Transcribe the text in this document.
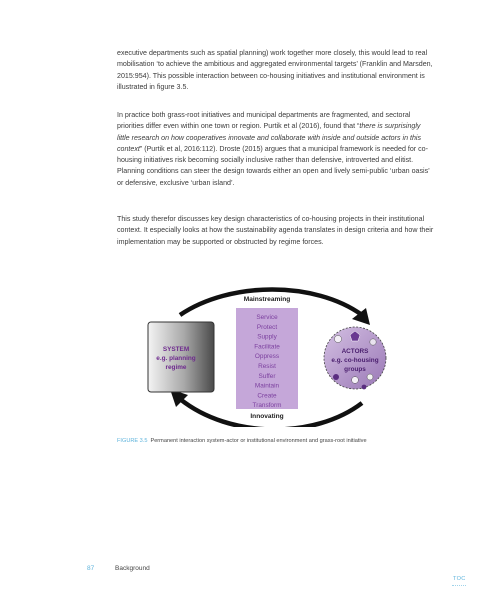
executive departments such as spatial planning) work together more closely, this would lead to real mobilisation ‘to achieve the ambitious and aggregated environmental targets’ (Franklin and Marsden, 2015:954). This possible interaction between co-housing initiatives and institutional environment is illustrated in figure 3.5.

In practice both grass-root initiatives and municipal departments are fragmented, and sectoral priorities differ even within one town or region. Purtik et al (2016), found that “there is surprisingly little research on how cooperatives innovate and collaborate with inside and outside actors in this context” (Purtik et al, 2016:112). Droste (2015) argues that a municipal framework is needed for co- housing initiatives risk becoming socially inclusive rather than defensive, introverted and elitist. Planning conditions can steer the design towards either an open and lively semi-public ‘urban oasis’ or defensive, exclusive ‘urban island’.

This study therefor discusses key design characteristics of co-housing projects in their institutional context. It especially looks at how the sustainability agenda translates in design criteria and how their implementation may be supported or obstructed by regime forces.

SYSTEM
e.g. planning
regime
Mainstreaming
Innovating
Service
Protect
Supply
Facilitate
Oppress
Resist
Suffer
Maintain
Create
Transform
ACTORS
e.g. co-housing
groups
FIGURE 3.5 Permanent interaction system-actor or institutional environment and grass-root initiative
87	Background
TOC
